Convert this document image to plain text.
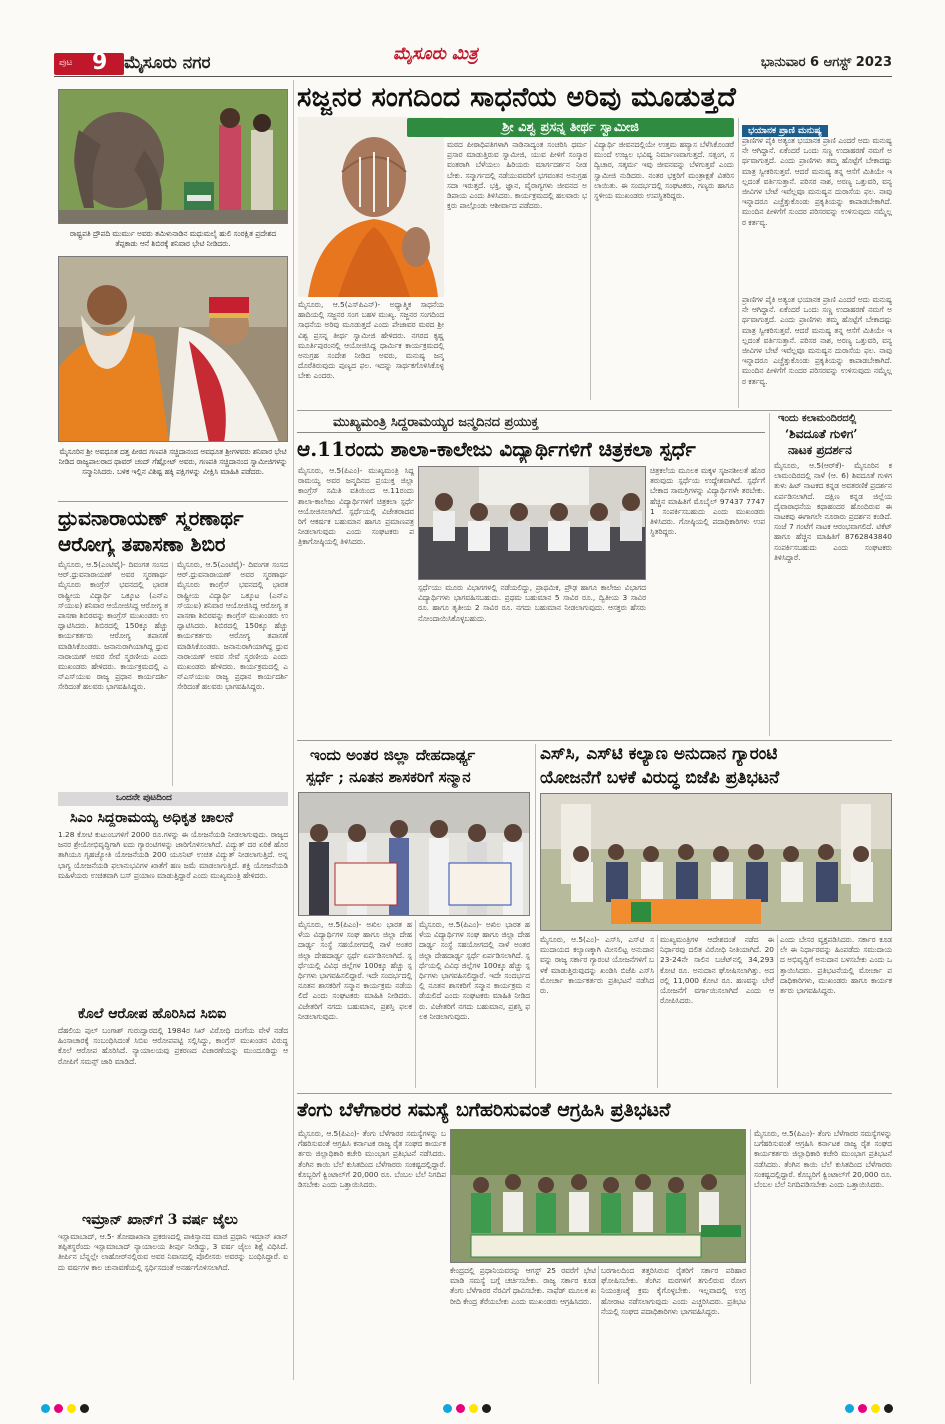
ಪುಟ 9 ಮೈಸೂರು ನಗರ	ಮೈಸೂರು ಮಿತ್ರ	ಭಾನುವಾರ 6 ಆಗಸ್ಟ್ 2023
ರಾಷ್ಟ್ರಪತಿ ದ್ರೌಪದಿ ಮುರ್ಮು ಅವರು ತಮಿಳುನಾಡಿನ ಮಧುಮಲೈ ಹುಲಿ ಸಂರಕ್ಷಿತ ಪ್ರದೇಶದ ತೆಪ್ಪಕಾಡು ಆನೆ ಶಿಬಿರಕ್ಕೆ ಶನಿವಾರ ಭೇಟಿ ನೀಡಿದರು.
ಮೈಸೂರಿನ ಶ್ರೀ ಅವಧೂತ ದತ್ತ ಪೀಠದ ಗಣಪತಿ ಸಚ್ಚಿದಾನಂದ ಅವಧೂತ ಶ್ರೀಗಳವರು ಶನಿವಾರ ಭೇಟಿ ನೀಡಿದ ರಾಜ್ಯಪಾಲರಾದ ಥಾವರ್ ಚಂದ್ ಗೆಹ್ಲೋಟ್ ಅವರು, ಗಣಪತಿ ಸಚ್ಚಿದಾನಂದ ಸ್ವಾಮೀಜಿಗಳನ್ನು ಸನ್ಮಾನಿಸಿದರು. ಬಳಿಕ ಇಲ್ಲಿನ ವಿಶಿಷ್ಟ ಹಕ್ಕಿ ಪಕ್ಷಿಗಳನ್ನು ವೀಕ್ಷಿಸಿ ಮಾಹಿತಿ ಪಡೆದರು.
ಧ್ರುವನಾರಾಯಣ್ ಸ್ಮರಣಾರ್ಥ
ಆರೋಗ್ಯ ತಪಾಸಣಾ ಶಿಬಿರ
ಮೈಸೂರು, ಆ.5(ಎಂಟಿವೈ)- ದಿವಂಗತ ಸಂಸದ ಆರ್.ಧ್ರುವನಾರಾಯಣ್ ಅವರ ಸ್ಮರಣಾರ್ಥ ಮೈಸೂರು ಕಾಂಗ್ರೆಸ್ ಭವನದಲ್ಲಿ ಭಾರತ ರಾಷ್ಟ್ರೀಯ ವಿದ್ಯಾರ್ಥಿ ಒಕ್ಕೂಟ (ಎನ್‌ಎಸ್‌ಯುಐ) ಶನಿವಾರ ಆಯೋಜಿಸಿದ್ದ ಆರೋಗ್ಯ ತಪಾಸಣಾ ಶಿಬಿರವನ್ನು ಕಾಂಗ್ರೆಸ್ ಮುಖಂಡರು ಉದ್ಘಾಟಿಸಿದರು. ಶಿಬಿರದಲ್ಲಿ 150ಕ್ಕೂ ಹೆಚ್ಚು ಕಾರ್ಯಕರ್ತರು ಆರೋಗ್ಯ ತಪಾಸಣೆ ಮಾಡಿಸಿಕೊಂಡರು. ಜನಾನುರಾಗಿಯಾಗಿದ್ದ ಧ್ರುವನಾರಾಯಣ್ ಅವರ ಸೇವೆ ಸ್ಮರಣೀಯ ಎಂದು ಮುಖಂಡರು ಹೇಳಿದರು. ಕಾರ್ಯಕ್ರಮದಲ್ಲಿ ಎನ್‌ಎಸ್‌ಯುಐ ರಾಜ್ಯ ಪ್ರಧಾನ ಕಾರ್ಯದರ್ಶಿ ಸೇರಿದಂತೆ ಹಲವರು ಭಾಗವಹಿಸಿದ್ದರು.
ಮೈಸೂರು, ಆ.5(ಎಂಟಿವೈ)- ದಿವಂಗತ ಸಂಸದ ಆರ್.ಧ್ರುವನಾರಾಯಣ್ ಅವರ ಸ್ಮರಣಾರ್ಥ ಮೈಸೂರು ಕಾಂಗ್ರೆಸ್ ಭವನದಲ್ಲಿ ಭಾರತ ರಾಷ್ಟ್ರೀಯ ವಿದ್ಯಾರ್ಥಿ ಒಕ್ಕೂಟ (ಎನ್‌ಎಸ್‌ಯುಐ) ಶನಿವಾರ ಆಯೋಜಿಸಿದ್ದ ಆರೋಗ್ಯ ತಪಾಸಣಾ ಶಿಬಿರವನ್ನು ಕಾಂಗ್ರೆಸ್ ಮುಖಂಡರು ಉದ್ಘಾಟಿಸಿದರು. ಶಿಬಿರದಲ್ಲಿ 150ಕ್ಕೂ ಹೆಚ್ಚು ಕಾರ್ಯಕರ್ತರು ಆರೋಗ್ಯ ತಪಾಸಣೆ ಮಾಡಿಸಿಕೊಂಡರು. ಜನಾನುರಾಗಿಯಾಗಿದ್ದ ಧ್ರುವನಾರಾಯಣ್ ಅವರ ಸೇವೆ ಸ್ಮರಣೀಯ ಎಂದು ಮುಖಂಡರು ಹೇಳಿದರು. ಕಾರ್ಯಕ್ರಮದಲ್ಲಿ ಎನ್‌ಎಸ್‌ಯುಐ ರಾಜ್ಯ ಪ್ರಧಾನ ಕಾರ್ಯದರ್ಶಿ ಸೇರಿದಂತೆ ಹಲವರು ಭಾಗವಹಿಸಿದ್ದರು.
ಒಂದನೇ ಪುಟದಿಂದ
ಸಿಎಂ ಸಿದ್ದರಾಮಯ್ಯ ಅಧಿಕೃತ ಚಾಲನೆ
1.28 ಕೋಟಿ ಕುಟುಂಬಗಳಿಗೆ 2000 ರೂ.ಗಳನ್ನು ಈ ಯೋಜನೆಯಡಿ ನೀಡಲಾಗುವುದು. ರಾಜ್ಯದ ಜನರ ಶ್ರೇಯೋಭಿವೃದ್ಧಿಗಾಗಿ ಐದು ಗ್ಯಾರಂಟಿಗಳನ್ನು ಜಾರಿಗೊಳಿಸಲಾಗಿದೆ. ವಿದ್ಯುತ್ ದರ ಏರಿಕೆ ಹೊರತಾಗಿಯೂ ಗೃಹಜ್ಯೋತಿ ಯೋಜನೆಯಡಿ 200 ಯೂನಿಟ್ ಉಚಿತ ವಿದ್ಯುತ್ ನೀಡಲಾಗುತ್ತಿದೆ. ಅನ್ನಭಾಗ್ಯ ಯೋಜನೆಯಡಿ ಫಲಾನುಭವಿಗಳ ಖಾತೆಗೆ ಹಣ ಜಮೆ ಮಾಡಲಾಗುತ್ತಿದೆ. ಶಕ್ತಿ ಯೋಜನೆಯಡಿ ಮಹಿಳೆಯರು ಉಚಿತವಾಗಿ ಬಸ್ ಪ್ರಯಾಣ ಮಾಡುತ್ತಿದ್ದಾರೆ ಎಂದು ಮುಖ್ಯಮಂತ್ರಿ ಹೇಳಿದರು.
ಕೊಲೆ ಆರೋಪ ಹೊರಿಸಿದ ಸಿಬಿಐ
ದೆಹಲಿಯ ಪುಲ್ ಬಂಗಾಶ್ ಗುರುದ್ವಾರದಲ್ಲಿ 1984ರ ಸಿಖ್ ವಿರೋಧಿ ದಂಗೆಯ ವೇಳೆ ನಡೆದ ಹಿಂಸಾಚಾರಕ್ಕೆ ಸಂಬಂಧಿಸಿದಂತೆ ಸಿಬಿಐ ಆರೋಪಪಟ್ಟಿ ಸಲ್ಲಿಸಿದ್ದು, ಕಾಂಗ್ರೆಸ್ ಮುಖಂಡನ ವಿರುದ್ಧ ಕೊಲೆ ಆರೋಪ ಹೊರಿಸಿದೆ. ನ್ಯಾಯಾಲಯವು ಪ್ರಕರಣದ ವಿಚಾರಣೆಯನ್ನು ಮುಂದೂಡಿದ್ದು ಆರೋಪಿಗೆ ಸಮನ್ಸ್ ಜಾರಿ ಮಾಡಿದೆ.
ಇಮ್ರಾನ್ ಖಾನ್‌ಗೆ 3 ವರ್ಷ ಜೈಲು
ಇಸ್ಲಾಮಾಬಾದ್, ಆ.5- ತೋಷಾಖಾನಾ ಪ್ರಕರಣದಲ್ಲಿ ಪಾಕಿಸ್ತಾನದ ಮಾಜಿ ಪ್ರಧಾನಿ ಇಮ್ರಾನ್ ಖಾನ್ ತಪ್ಪಿತಸ್ಥರೆಂದು ಇಸ್ಲಾಮಾಬಾದ್ ನ್ಯಾಯಾಲಯ ತೀರ್ಪು ನೀಡಿದ್ದು, 3 ವರ್ಷ ಜೈಲು ಶಿಕ್ಷೆ ವಿಧಿಸಿದೆ. ತೀರ್ಪಿನ ಬೆನ್ನಲ್ಲೇ ಲಾಹೋರ್‌ನಲ್ಲಿರುವ ಅವರ ನಿವಾಸದಲ್ಲಿ ಪೊಲೀಸರು ಅವರನ್ನು ಬಂಧಿಸಿದ್ದಾರೆ. ಐದು ವರ್ಷಗಳ ಕಾಲ ಚುನಾವಣೆಯಲ್ಲಿ ಸ್ಪರ್ಧಿಸದಂತೆ ಅನರ್ಹಗೊಳಿಸಲಾಗಿದೆ.
ಸಜ್ಜನರ ಸಂಗದಿಂದ ಸಾಧನೆಯ ಅರಿವು ಮೂಡುತ್ತದೆ
ಶ್ರೀ ವಿಶ್ವ ಪ್ರಸನ್ನ ತೀರ್ಥ ಸ್ವಾಮೀಜಿ
ಮೈಸೂರು, ಆ.5(ಎಸ್‌ಪಿಎನ್)- ಅಧ್ಯಾತ್ಮಿಕ ಸಾಧನೆಯ ಹಾದಿಯಲ್ಲಿ ಸಜ್ಜನರ ಸಂಗ ಬಹಳ ಮುಖ್ಯ. ಸಜ್ಜನರ ಸಂಗದಿಂದ ಸಾಧನೆಯ ಅರಿವು ಮೂಡುತ್ತದೆ ಎಂದು ಪೇಜಾವರ ಮಠದ ಶ್ರೀ ವಿಶ್ವ ಪ್ರಸನ್ನ ತೀರ್ಥ ಸ್ವಾಮೀಜಿ ಹೇಳಿದರು. ನಗರದ ಕೃಷ್ಣಮೂರ್ತಿಪುರಂನಲ್ಲಿ ಆಯೋಜಿಸಿದ್ದ ಧಾರ್ಮಿಕ ಕಾರ್ಯಕ್ರಮದಲ್ಲಿ ಅನುಗ್ರಹ ಸಂದೇಶ ನೀಡಿದ ಅವರು, ಮನುಷ್ಯ ಜನ್ಮ ದೊರೆತಿರುವುದು ಪುಣ್ಯದ ಫಲ. ಇದನ್ನು ಸಾರ್ಥಕಗೊಳಿಸಿಕೊಳ್ಳಬೇಕು ಎಂದರು.
ಮಠದ ಪೀಠಾಧಿಪತಿಗಳಾಗಿ ನಾಡಿನಾದ್ಯಂತ ಸಂಚರಿಸಿ ಧರ್ಮ ಪ್ರಸಾರ ಮಾಡುತ್ತಿರುವ ಸ್ವಾಮೀಜಿ, ಯುವ ಪೀಳಿಗೆ ಸಂಸ್ಕಾರವಂತರಾಗಿ ಬೆಳೆಯಲು ಹಿರಿಯರು ಮಾರ್ಗದರ್ಶನ ನೀಡಬೇಕು. ಸನ್ಮಾರ್ಗದಲ್ಲಿ ನಡೆಯುವವರಿಗೆ ಭಗವಂತನ ಅನುಗ್ರಹ ಸದಾ ಇರುತ್ತದೆ. ಭಕ್ತಿ, ಜ್ಞಾನ, ವೈರಾಗ್ಯಗಳು ಜೀವನದ ಅಡಿಪಾಯ ಎಂದು ತಿಳಿಸಿದರು. ಕಾರ್ಯಕ್ರಮದಲ್ಲಿ ಹಲವಾರು ಭಕ್ತರು ಪಾಲ್ಗೊಂಡು ಆಶೀರ್ವಾದ ಪಡೆದರು.
ವಿದ್ಯಾರ್ಥಿ ಜೀವನದಲ್ಲಿಯೇ ಉತ್ತಮ ಹವ್ಯಾಸ ಬೆಳೆಸಿಕೊಂಡರೆ ಮುಂದೆ ಉಜ್ವಲ ಭವಿಷ್ಯ ನಿರ್ಮಾಣವಾಗುತ್ತದೆ. ಸತ್ಸಂಗ, ಸದ್ವಿಚಾರ, ಸತ್ಕರ್ಮ ಇವು ಜೀವನವನ್ನು ಬೆಳಗುತ್ತವೆ ಎಂದು ಸ್ವಾಮೀಜಿ ನುಡಿದರು. ನಂತರ ಭಕ್ತರಿಗೆ ಮಂತ್ರಾಕ್ಷತೆ ವಿತರಿಸಲಾಯಿತು. ಈ ಸಂದರ್ಭದಲ್ಲಿ ಸಂಘಟಕರು, ಗಣ್ಯರು ಹಾಗೂ ಸ್ಥಳೀಯ ಮುಖಂಡರು ಉಪಸ್ಥಿತರಿದ್ದರು.
ಭಯಾನಕ ಪ್ರಾಣಿ ಮನುಷ್ಯ
ಪ್ರಾಣಿಗಳ ಪೈಕಿ ಅತ್ಯಂತ ಭಯಾನಕ ಪ್ರಾಣಿ ಎಂದರೆ ಅದು ಮನುಷ್ಯನೇ ಆಗಿದ್ದಾನೆ. ಏಕೆಂದರೆ ಒಂದು ಸಣ್ಣ ಉದಾಹರಣೆ ನಮಗೆ ಅರ್ಥವಾಗುತ್ತದೆ. ಎಂದು ಪ್ರಾಣಿಗಳು ತಮ್ಮ ಹೊಟ್ಟೆಗೆ ಬೇಕಾದಷ್ಟು ಮಾತ್ರ ಸ್ವೀಕರಿಸುತ್ತವೆ. ಆದರೆ ಮನುಷ್ಯ ತನ್ನ ಆಸೆಗೆ ಮಿತಿಯೇ ಇಲ್ಲದಂತೆ ವರ್ತಿಸುತ್ತಾನೆ. ಪರಿಸರ ನಾಶ, ಅರಣ್ಯ ಒತ್ತುವರಿ, ವನ್ಯಜೀವಿಗಳ ಬೇಟೆ ಇವೆಲ್ಲವೂ ಮನುಷ್ಯನ ದುರಾಸೆಯ ಫಲ. ನಾವು ಇನ್ನಾದರೂ ಎಚ್ಚೆತ್ತುಕೊಂಡು ಪ್ರಕೃತಿಯನ್ನು ಕಾಪಾಡಬೇಕಾಗಿದೆ. ಮುಂದಿನ ಪೀಳಿಗೆಗೆ ಸುಂದರ ಪರಿಸರವನ್ನು ಉಳಿಸುವುದು ನಮ್ಮೆಲ್ಲರ ಕರ್ತವ್ಯ.
ಪ್ರಾಣಿಗಳ ಪೈಕಿ ಅತ್ಯಂತ ಭಯಾನಕ ಪ್ರಾಣಿ ಎಂದರೆ ಅದು ಮನುಷ್ಯನೇ ಆಗಿದ್ದಾನೆ. ಏಕೆಂದರೆ ಒಂದು ಸಣ್ಣ ಉದಾಹರಣೆ ನಮಗೆ ಅರ್ಥವಾಗುತ್ತದೆ. ಎಂದು ಪ್ರಾಣಿಗಳು ತಮ್ಮ ಹೊಟ್ಟೆಗೆ ಬೇಕಾದಷ್ಟು ಮಾತ್ರ ಸ್ವೀಕರಿಸುತ್ತವೆ. ಆದರೆ ಮನುಷ್ಯ ತನ್ನ ಆಸೆಗೆ ಮಿತಿಯೇ ಇಲ್ಲದಂತೆ ವರ್ತಿಸುತ್ತಾನೆ. ಪರಿಸರ ನಾಶ, ಅರಣ್ಯ ಒತ್ತುವರಿ, ವನ್ಯಜೀವಿಗಳ ಬೇಟೆ ಇವೆಲ್ಲವೂ ಮನುಷ್ಯನ ದುರಾಸೆಯ ಫಲ. ನಾವು ಇನ್ನಾದರೂ ಎಚ್ಚೆತ್ತುಕೊಂಡು ಪ್ರಕೃತಿಯನ್ನು ಕಾಪಾಡಬೇಕಾಗಿದೆ. ಮುಂದಿನ ಪೀಳಿಗೆಗೆ ಸುಂದರ ಪರಿಸರವನ್ನು ಉಳಿಸುವುದು ನಮ್ಮೆಲ್ಲರ ಕರ್ತವ್ಯ.
ಮುಖ್ಯಮಂತ್ರಿ ಸಿದ್ದರಾಮಯ್ಯರ ಜನ್ಮದಿನದ ಪ್ರಯುಕ್ತ
ಆ.11ರಂದು ಶಾಲಾ-ಕಾಲೇಜು ವಿದ್ಯಾರ್ಥಿಗಳಿಗೆ ಚಿತ್ರಕಲಾ ಸ್ಪರ್ಧೆ
ಮೈಸೂರು, ಆ.5(ಪಿಎಂ)- ಮುಖ್ಯಮಂತ್ರಿ ಸಿದ್ದರಾಮಯ್ಯ ಅವರ ಜನ್ಮದಿನದ ಪ್ರಯುಕ್ತ ಜಿಲ್ಲಾ ಕಾಂಗ್ರೆಸ್ ಸಮಿತಿ ವತಿಯಿಂದ ಆ.11ರಂದು ಶಾಲಾ-ಕಾಲೇಜು ವಿದ್ಯಾರ್ಥಿಗಳಿಗೆ ಚಿತ್ರಕಲಾ ಸ್ಪರ್ಧೆ ಆಯೋಜಿಸಲಾಗಿದೆ. ಸ್ಪರ್ಧೆಯಲ್ಲಿ ವಿಜೇತರಾದವರಿಗೆ ಆಕರ್ಷಕ ಬಹುಮಾನ ಹಾಗೂ ಪ್ರಮಾಣಪತ್ರ ನೀಡಲಾಗುವುದು ಎಂದು ಸಂಘಟಕರು ಪತ್ರಿಕಾಗೋಷ್ಠಿಯಲ್ಲಿ ತಿಳಿಸಿದರು.
ಸ್ಪರ್ಧೆಯು ಮೂರು ವಿಭಾಗಗಳಲ್ಲಿ ನಡೆಯಲಿದ್ದು, ಪ್ರಾಥಮಿಕ, ಪ್ರೌಢ ಹಾಗೂ ಕಾಲೇಜು ವಿಭಾಗದ ವಿದ್ಯಾರ್ಥಿಗಳು ಭಾಗವಹಿಸಬಹುದು. ಪ್ರಥಮ ಬಹುಮಾನ 5 ಸಾವಿರ ರೂ., ದ್ವಿತೀಯ 3 ಸಾವಿರ ರೂ. ಹಾಗೂ ತೃತೀಯ 2 ಸಾವಿರ ರೂ. ನಗದು ಬಹುಮಾನ ನೀಡಲಾಗುವುದು. ಆಸಕ್ತರು ಹೆಸರು ನೋಂದಾಯಿಸಿಕೊಳ್ಳಬಹುದು.
ಚಿತ್ರಕಲೆಯ ಮೂಲಕ ಮಕ್ಕಳ ಸೃಜನಶೀಲತೆ ಹೊರತರುವುದು ಸ್ಪರ್ಧೆಯ ಉದ್ದೇಶವಾಗಿದೆ. ಸ್ಪರ್ಧೆಗೆ ಬೇಕಾದ ಸಾಮಗ್ರಿಗಳನ್ನು ವಿದ್ಯಾರ್ಥಿಗಳೇ ತರಬೇಕು. ಹೆಚ್ಚಿನ ಮಾಹಿತಿಗೆ ಮೊಬೈಲ್ 97437 77471 ಸಂಪರ್ಕಿಸಬಹುದು ಎಂದು ಮುಖಂಡರು ತಿಳಿಸಿದರು. ಗೋಷ್ಠಿಯಲ್ಲಿ ಪದಾಧಿಕಾರಿಗಳು ಉಪಸ್ಥಿತರಿದ್ದರು.
ಇಂದು ಕಲಾಮಂದಿರದಲ್ಲಿ
‘ಶಿವದೂತೆ ಗುಳಿಗ’
ನಾಟಕ ಪ್ರದರ್ಶನ
ಮೈಸೂರು, ಆ.5(ಆರ್‌ಕೆ)- ಮೈಸೂರಿನ ಕಲಾಮಂದಿರದಲ್ಲಿ ನಾಳೆ (ಆ. 6) ಶಿವದೂತೆ ಗುಳಿಗ ತುಳು ಹಿಟ್ ನಾಟಕದ ಕನ್ನಡ ಅವತರಣಿಕೆ ಪ್ರದರ್ಶನ ಏರ್ಪಡಿಸಲಾಗಿದೆ. ದಕ್ಷಿಣ ಕನ್ನಡ ಜಿಲ್ಲೆಯ ದೈವಾರಾಧನೆಯ ಕಥಾಹಂದರ ಹೊಂದಿರುವ ಈ ನಾಟಕವು ಈಗಾಗಲೇ ನೂರಾರು ಪ್ರದರ್ಶನ ಕಂಡಿದೆ. ಸಂಜೆ 7 ಗಂಟೆಗೆ ನಾಟಕ ಆರಂಭವಾಗಲಿದೆ. ಟಿಕೆಟ್ ಹಾಗೂ ಹೆಚ್ಚಿನ ಮಾಹಿತಿಗೆ 8762843840 ಸಂಪರ್ಕಿಸಬಹುದು ಎಂದು ಸಂಘಟಕರು ತಿಳಿಸಿದ್ದಾರೆ.
ಇಂದು ಅಂತರ ಜಿಲ್ಲಾ ದೇಹದಾರ್ಢ್ಯ
ಸ್ಪರ್ಧೆ ; ನೂತನ ಶಾಸಕರಿಗೆ ಸನ್ಮಾನ
ಮೈಸೂರು, ಆ.5(ಪಿಎಂ)- ಅಖಿಲ ಭಾರತ ಹಳೆಯ ವಿದ್ಯಾರ್ಥಿಗಳ ಸಂಘ ಹಾಗೂ ಜಿಲ್ಲಾ ದೇಹದಾರ್ಢ್ಯ ಸಂಸ್ಥೆ ಸಹಯೋಗದಲ್ಲಿ ನಾಳೆ ಅಂತರ ಜಿಲ್ಲಾ ದೇಹದಾರ್ಢ್ಯ ಸ್ಪರ್ಧೆ ಏರ್ಪಡಿಸಲಾಗಿದೆ. ಸ್ಪರ್ಧೆಯಲ್ಲಿ ವಿವಿಧ ಜಿಲ್ಲೆಗಳ 100ಕ್ಕೂ ಹೆಚ್ಚು ಸ್ಪರ್ಧಿಗಳು ಭಾಗವಹಿಸಲಿದ್ದಾರೆ. ಇದೇ ಸಂದರ್ಭದಲ್ಲಿ ನೂತನ ಶಾಸಕರಿಗೆ ಸನ್ಮಾನ ಕಾರ್ಯಕ್ರಮ ನಡೆಯಲಿದೆ ಎಂದು ಸಂಘಟಕರು ಮಾಹಿತಿ ನೀಡಿದರು. ವಿಜೇತರಿಗೆ ನಗದು ಬಹುಮಾನ, ಪ್ರಶಸ್ತಿ ಫಲಕ ನೀಡಲಾಗುವುದು.
ಮೈಸೂರು, ಆ.5(ಪಿಎಂ)- ಅಖಿಲ ಭಾರತ ಹಳೆಯ ವಿದ್ಯಾರ್ಥಿಗಳ ಸಂಘ ಹಾಗೂ ಜಿಲ್ಲಾ ದೇಹದಾರ್ಢ್ಯ ಸಂಸ್ಥೆ ಸಹಯೋಗದಲ್ಲಿ ನಾಳೆ ಅಂತರ ಜಿಲ್ಲಾ ದೇಹದಾರ್ಢ್ಯ ಸ್ಪರ್ಧೆ ಏರ್ಪಡಿಸಲಾಗಿದೆ. ಸ್ಪರ್ಧೆಯಲ್ಲಿ ವಿವಿಧ ಜಿಲ್ಲೆಗಳ 100ಕ್ಕೂ ಹೆಚ್ಚು ಸ್ಪರ್ಧಿಗಳು ಭಾಗವಹಿಸಲಿದ್ದಾರೆ. ಇದೇ ಸಂದರ್ಭದಲ್ಲಿ ನೂತನ ಶಾಸಕರಿಗೆ ಸನ್ಮಾನ ಕಾರ್ಯಕ್ರಮ ನಡೆಯಲಿದೆ ಎಂದು ಸಂಘಟಕರು ಮಾಹಿತಿ ನೀಡಿದರು. ವಿಜೇತರಿಗೆ ನಗದು ಬಹುಮಾನ, ಪ್ರಶಸ್ತಿ ಫಲಕ ನೀಡಲಾಗುವುದು.
ಎಸ್‌ಸಿ, ಎಸ್‌ಟಿ ಕಲ್ಯಾಣ ಅನುದಾನ ಗ್ಯಾರಂಟಿ
ಯೋಜನೆಗೆ ಬಳಕೆ ವಿರುದ್ಧ ಬಿಜೆಪಿ ಪ್ರತಿಭಟನೆ
ಮೈಸೂರು, ಆ.5(ಎಂ)- ಎಸ್‌ಸಿ, ಎಸ್‌ಟಿ ಸಮುದಾಯದ ಕಲ್ಯಾಣಕ್ಕಾಗಿ ಮೀಸಲಿಟ್ಟ ಅನುದಾನವನ್ನು ರಾಜ್ಯ ಸರ್ಕಾರ ಗ್ಯಾರಂಟಿ ಯೋಜನೆಗಳಿಗೆ ಬಳಕೆ ಮಾಡುತ್ತಿರುವುದನ್ನು ಖಂಡಿಸಿ ಬಿಜೆಪಿ ಎಸ್‌ಸಿ ಮೋರ್ಚಾ ಕಾರ್ಯಕರ್ತರು ಪ್ರತಿಭಟನೆ ನಡೆಸಿದರು.
ಮುಖ್ಯಮಂತ್ರಿಗಳ ಆದೇಶದಂತೆ ನಡೆದ ಈ ನಿರ್ಧಾರವು ದಲಿತ ವಿರೋಧಿ ನೀತಿಯಾಗಿದೆ. 2023-24ನೇ ಸಾಲಿನ ಬಜೆಟ್‌ನಲ್ಲಿ 34,293 ಕೋಟಿ ರೂ. ಅನುದಾನ ಘೋಷಿಸಲಾಗಿತ್ತು. ಅದರಲ್ಲಿ 11,000 ಕೋಟಿ ರೂ. ಹಣವನ್ನು ಬೇರೆ ಯೋಜನೆಗೆ ವರ್ಗಾಯಿಸಲಾಗಿದೆ ಎಂದು ಆರೋಪಿಸಿದರು.
ಎಂದು ಬೇಸರ ವ್ಯಕ್ತಪಡಿಸಿದರು. ಸರ್ಕಾರ ಕೂಡಲೇ ಈ ನಿರ್ಧಾರವನ್ನು ಹಿಂಪಡೆದು ಸಮುದಾಯದ ಅಭಿವೃದ್ಧಿಗೆ ಅನುದಾನ ಬಳಸಬೇಕು ಎಂದು ಒತ್ತಾಯಿಸಿದರು. ಪ್ರತಿಭಟನೆಯಲ್ಲಿ ಮೋರ್ಚಾ ಪದಾಧಿಕಾರಿಗಳು, ಮುಖಂಡರು ಹಾಗೂ ಕಾರ್ಯಕರ್ತರು ಭಾಗವಹಿಸಿದ್ದರು.
ತೆಂಗು ಬೆಳೆಗಾರರ ಸಮಸ್ಯೆ ಬಗೆಹರಿಸುವಂತೆ ಆಗ್ರಹಿಸಿ ಪ್ರತಿಭಟನೆ
ಮೈಸೂರು, ಆ.5(ಪಿಎಂ)- ತೆಂಗು ಬೆಳೆಗಾರರ ಸಮಸ್ಯೆಗಳನ್ನು ಬಗೆಹರಿಸುವಂತೆ ಆಗ್ರಹಿಸಿ ಕರ್ನಾಟಕ ರಾಜ್ಯ ರೈತ ಸಂಘದ ಕಾರ್ಯಕರ್ತರು ಜಿಲ್ಲಾಧಿಕಾರಿ ಕಚೇರಿ ಮುಂಭಾಗ ಪ್ರತಿಭಟನೆ ನಡೆಸಿದರು. ತೆಂಗಿನ ಕಾಯಿ ಬೆಲೆ ಕುಸಿತದಿಂದ ಬೆಳೆಗಾರರು ಸಂಕಷ್ಟದಲ್ಲಿದ್ದಾರೆ. ಕೊಬ್ಬರಿಗೆ ಕ್ವಿಂಟಾಲ್‌ಗೆ 20,000 ರೂ. ಬೆಂಬಲ ಬೆಲೆ ನಿಗದಿಪಡಿಸಬೇಕು ಎಂದು ಒತ್ತಾಯಿಸಿದರು.
ಕೇಂದ್ರದಲ್ಲಿ ಪ್ರಧಾನಿಯವರನ್ನು ಆಗಸ್ಟ್ 25 ರವರೆಗೆ ಭೇಟಿ ಮಾಡಿ ಸಮಸ್ಯೆ ಬಗ್ಗೆ ಚರ್ಚಿಸಬೇಕು. ರಾಜ್ಯ ಸರ್ಕಾರ ಕೂಡ ತೆಂಗು ಬೆಳೆಗಾರರ ನೆರವಿಗೆ ಧಾವಿಸಬೇಕು. ನಾಫೆಡ್ ಮೂಲಕ ಖರೀದಿ ಕೇಂದ್ರ ತೆರೆಯಬೇಕು ಎಂದು ಮುಖಂಡರು ಆಗ್ರಹಿಸಿದರು.
ಬರಗಾಲದಿಂದ ತತ್ತರಿಸಿರುವ ರೈತರಿಗೆ ಸರ್ಕಾರ ಪರಿಹಾರ ಘೋಷಿಸಬೇಕು. ತೆಂಗಿನ ಮರಗಳಿಗೆ ತಗುಲಿರುವ ರೋಗ ನಿಯಂತ್ರಣಕ್ಕೆ ಕ್ರಮ ಕೈಗೊಳ್ಳಬೇಕು. ಇಲ್ಲವಾದಲ್ಲಿ ಉಗ್ರ ಹೋರಾಟ ನಡೆಸಲಾಗುವುದು ಎಂದು ಎಚ್ಚರಿಸಿದರು. ಪ್ರತಿಭಟನೆಯಲ್ಲಿ ಸಂಘದ ಪದಾಧಿಕಾರಿಗಳು ಭಾಗವಹಿಸಿದ್ದರು.
ಮೈಸೂರು, ಆ.5(ಪಿಎಂ)- ತೆಂಗು ಬೆಳೆಗಾರರ ಸಮಸ್ಯೆಗಳನ್ನು ಬಗೆಹರಿಸುವಂತೆ ಆಗ್ರಹಿಸಿ ಕರ್ನಾಟಕ ರಾಜ್ಯ ರೈತ ಸಂಘದ ಕಾರ್ಯಕರ್ತರು ಜಿಲ್ಲಾಧಿಕಾರಿ ಕಚೇರಿ ಮುಂಭಾಗ ಪ್ರತಿಭಟನೆ ನಡೆಸಿದರು. ತೆಂಗಿನ ಕಾಯಿ ಬೆಲೆ ಕುಸಿತದಿಂದ ಬೆಳೆಗಾರರು ಸಂಕಷ್ಟದಲ್ಲಿದ್ದಾರೆ. ಕೊಬ್ಬರಿಗೆ ಕ್ವಿಂಟಾಲ್‌ಗೆ 20,000 ರೂ. ಬೆಂಬಲ ಬೆಲೆ ನಿಗದಿಪಡಿಸಬೇಕು ಎಂದು ಒತ್ತಾಯಿಸಿದರು.
